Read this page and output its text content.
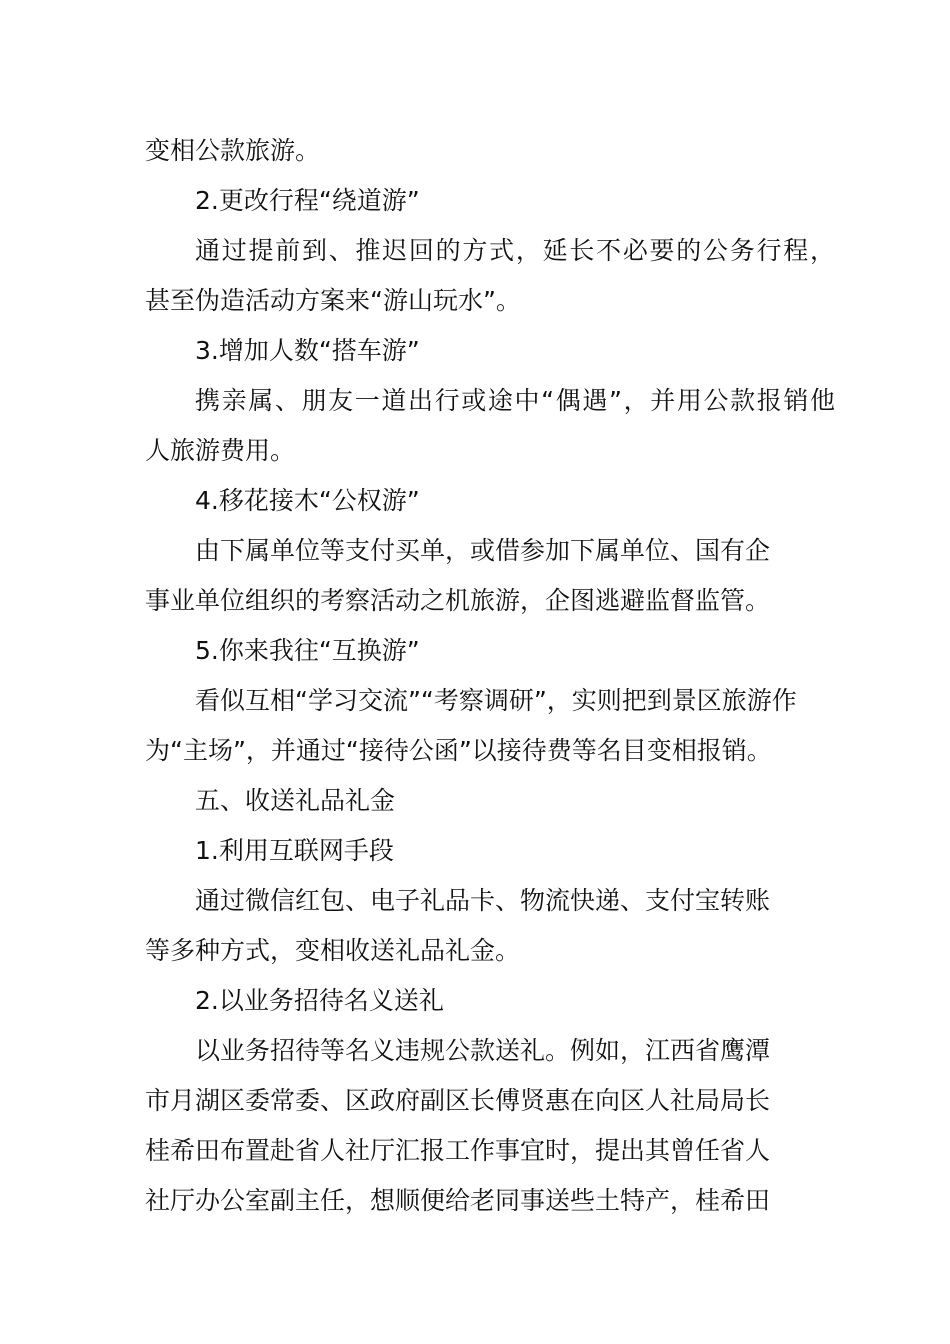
变相公款旅游。
2.更改行程“绕道游”
通过提前到、推迟回的方式，延长不必要的公务行程，
甚至伪造活动方案来“游山玩水”。
3.增加人数“搭车游”
携亲属、朋友一道出行或途中“偶遇”，并用公款报销他
人旅游费用。
4.移花接木“公权游”
由下属单位等支付买单，或借参加下属单位、国有企
事业单位组织的考察活动之机旅游，企图逃避监督监管。
5.你来我往“互换游”
看似互相“学习交流”“考察调研”，实则把到景区旅游作
为“主场”，并通过“接待公函”以接待费等名目变相报销。
五、收送礼品礼金
1.利用互联网手段
通过微信红包、电子礼品卡、物流快递、支付宝转账
等多种方式，变相收送礼品礼金。
2.以业务招待名义送礼
以业务招待等名义违规公款送礼。例如，江西省鹰潭
市月湖区委常委、区政府副区长傅贤惠在向区人社局局长
桂希田布置赴省人社厅汇报工作事宜时，提出其曾任省人
社厅办公室副主任，想顺便给老同事送些土特产，桂希田
